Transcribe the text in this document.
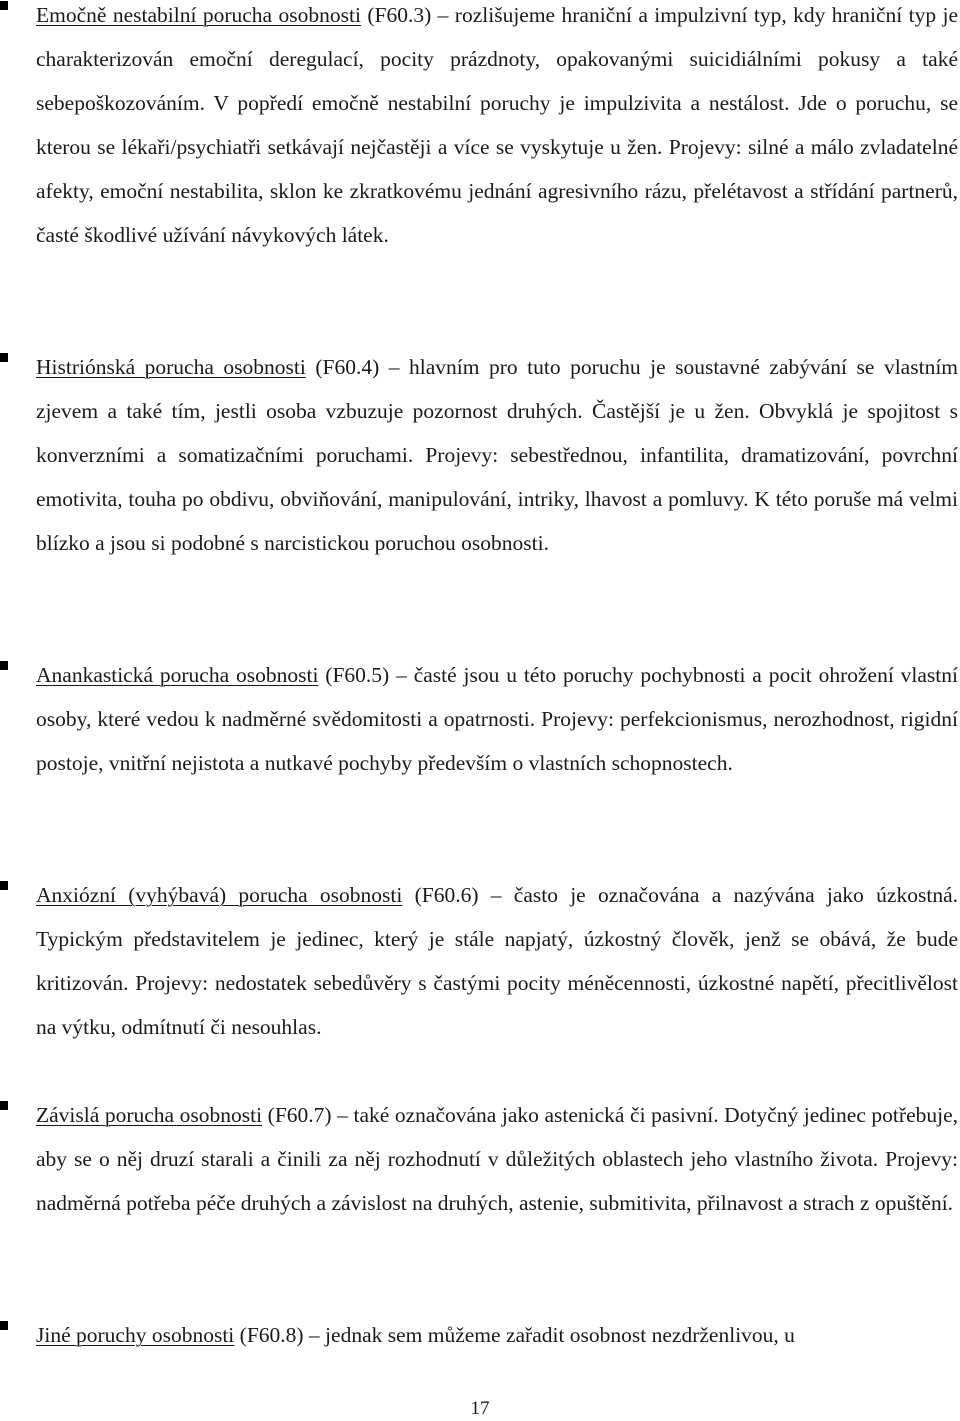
Emočně nestabilní porucha osobnosti (F60.3) – rozlišujeme hraniční a impulzivní typ, kdy hraniční typ je charakterizován emoční deregulací, pocity prázdnoty, opakovanými suicidiálními pokusy a také sebepoškozováním. V popředí emočně nestabilní poruchy je impulzivita a nestálost. Jde o poruchu, se kterou se lékaři/psychiatři setkávají nejčastěji a více se vyskytuje u žen. Projevy: silné a málo zvladatelné afekty, emoční nestabilita, sklon ke zkratkovému jednání agresivního rázu, přelétavost a střídání partnerů, časté škodlivé užívání návykových látek.

Histriónská porucha osobnosti (F60.4) – hlavním pro tuto poruchu je soustavné zabývání se vlastním zjevem a také tím, jestli osoba vzbuzuje pozornost druhých. Častější je u žen. Obvyklá je spojitost s konverzními a somatizačními poruchami. Projevy: sebestřednou, infantilita, dramatizování, povrchní emotivita, touha po obdivu, obviňování, manipulování, intriky, lhavost a pomluvy. K této poruše má velmi blízko a jsou si podobné s narcistickou poruchou osobnosti.

Anankastická porucha osobnosti (F60.5) – časté jsou u této poruchy pochybnosti a pocit ohrožení vlastní osoby, které vedou k nadměrné svědomitosti a opatrnosti. Projevy: perfekcionismus, nerozhodnost, rigidní postoje, vnitřní nejistota a nutkavé pochyby především o vlastních schopnostech.

Anxiózní (vyhýbavá) porucha osobnosti (F60.6) – často je označována a nazývána jako úzkostná. Typickým představitelem je jedinec, který je stále napjatý, úzkostný člověk, jenž se obává, že bude kritizován. Projevy: nedostatek sebedůvěry s častými pocity méněcennosti, úzkostné napětí, přecitlivělost na výtku, odmítnutí či nesouhlas.

Závislá porucha osobnosti (F60.7) – také označována jako astenická či pasivní. Dotyčný jedinec potřebuje, aby se o něj druzí starali a činili za něj rozhodnutí v důležitých oblastech jeho vlastního života. Projevy: nadměrná potřeba péče druhých a závislost na druhých, astenie, submitivita, přilnavost a strach z opuštění.

Jiné poruchy osobnosti (F60.8) – jednak sem můžeme zařadit osobnost nezdrženlivou, u

17
